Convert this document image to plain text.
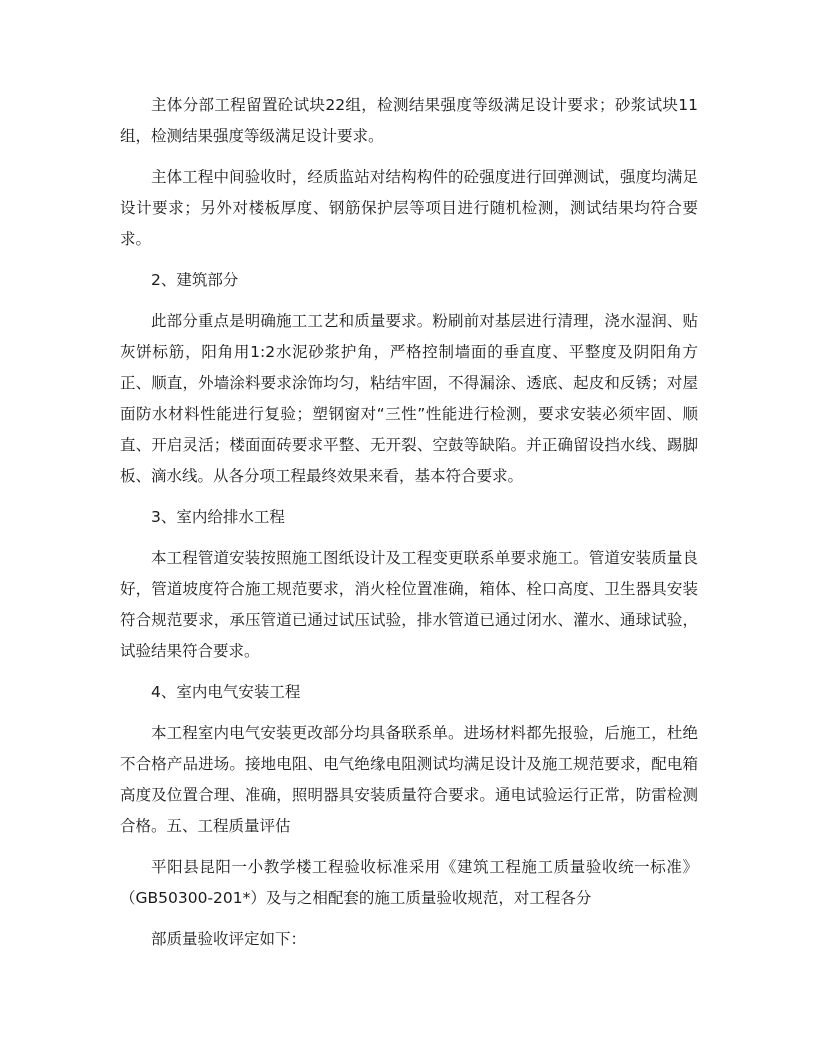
主体分部工程留置砼试块22组，检测结果强度等级满足设计要求；砂浆试块11组，检测结果强度等级满足设计要求。

主体工程中间验收时，经质监站对结构构件的砼强度进行回弹测试，强度均满足设计要求；另外对楼板厚度、钢筋保护层等项目进行随机检测，测试结果均符合要求。

2、建筑部分

此部分重点是明确施工工艺和质量要求。粉刷前对基层进行清理，浇水湿润、贴灰饼标筋，阳角用1:2水泥砂浆护角，严格控制墙面的垂直度、平整度及阴阳角方正、顺直，外墙涂料要求涂饰均匀，粘结牢固，不得漏涂、透底、起皮和反锈；对屋面防水材料性能进行复验；塑钢窗对“三性”性能进行检测，要求安装必须牢固、顺直、开启灵活；楼面面砖要求平整、无开裂、空鼓等缺陷。并正确留设挡水线、踢脚板、滴水线。从各分项工程最终效果来看，基本符合要求。

3、室内给排水工程

本工程管道安装按照施工图纸设计及工程变更联系单要求施工。管道安装质量良好，管道坡度符合施工规范要求，消火栓位置准确，箱体、栓口高度、卫生器具安装符合规范要求，承压管道已通过试压试验，排水管道已通过闭水、灌水、通球试验，试验结果符合要求。

4、室内电气安装工程

本工程室内电气安装更改部分均具备联系单。进场材料都先报验，后施工，杜绝不合格产品进场。接地电阻、电气绝缘电阻测试均满足设计及施工规范要求，配电箱高度及位置合理、准确，照明器具安装质量符合要求。通电试验运行正常，防雷检测合格。五、工程质量评估

平阳县昆阳一小教学楼工程验收标准采用《建筑工程施工质量验收统一标准》（GB50300-201*）及与之相配套的施工质量验收规范，对工程各分

部质量验收评定如下：
